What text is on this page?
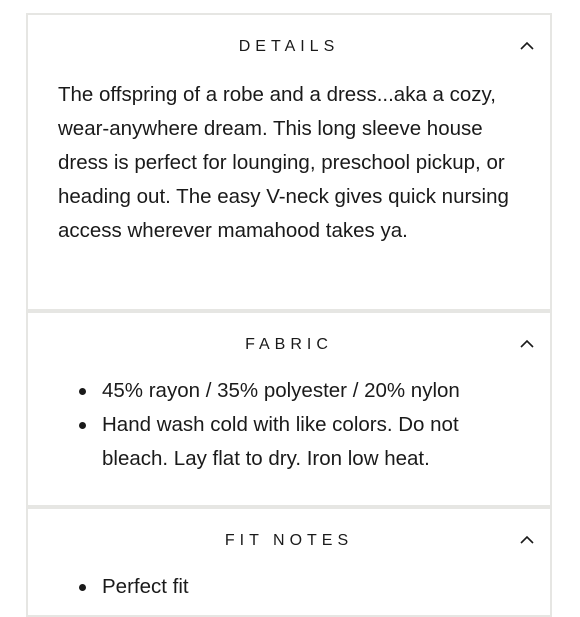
DETAILS
The offspring of a robe and a dress...aka a cozy, wear-anywhere dream. This long sleeve house dress is perfect for lounging, preschool pickup, or heading out. The easy V-neck gives quick nursing access wherever mamahood takes ya.
FABRIC
45% rayon / 35% polyester / 20% nylon
Hand wash cold with like colors. Do not bleach. Lay flat to dry. Iron low heat.
FIT NOTES
Perfect fit
